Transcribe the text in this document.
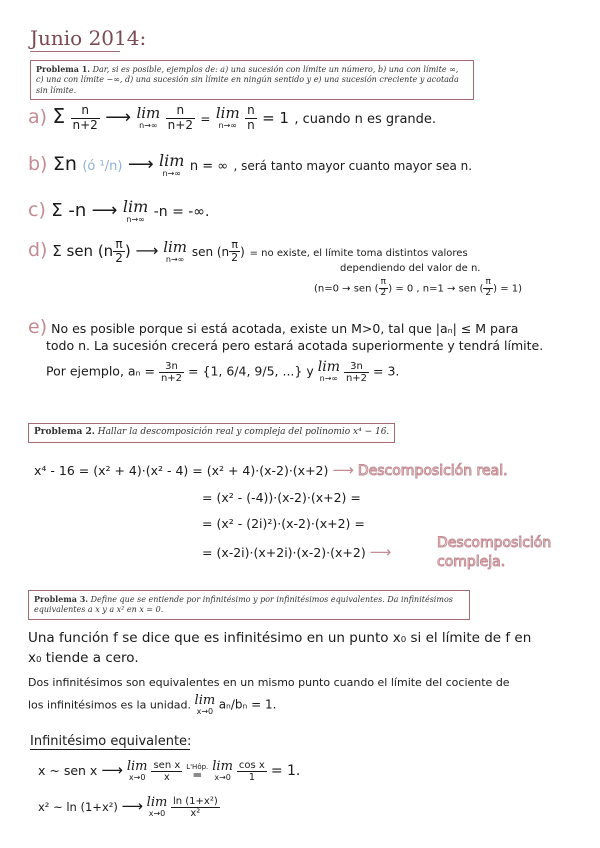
Junio 2014:
Problema 1. Dar, si es posible, ejemplos de: a) una sucesión con límite un número, b) una con límite ∞, c) una con límite −∞, d) una sucesión sin límite en ningún sentido y e) una sucesión creciente y acotada sin límite.
a) Σ $\frac{n}{n+2}$ ⟶ lim
n→∞
$\frac{n}{n+2} = \lim$
n→∞
$\frac{n}{n} = 1$ , cuando n es grande.
b) Σn (ó ¹/n) ⟶ lim
n→∞ n = ∞ , será tanto mayor cuanto mayor sea n.
c) Σ -n ⟶ lim
n→∞ -n = -∞.
d) Σ sen ($n \frac{\pi}{2}$ ) ⟶ lim
n→∞ sen ($n \frac{\pi}{2}$ ) = no existe, el límite toma distintos valores
dependiendo del valor de n.
(n=0 → sen ( $\frac{\pi}{2}$ ) = 0 , n=1 → sen ( $\frac{\pi}{2}$ ) = 1)
e) No es posible porque si está acotada, existe un M>0, tal que |aₙ| ≤ M para
todo n. La sucesión crecerá pero estará acotada superiormente y tendrá límite.
Por ejemplo, $a_n = \frac{3n}{n+2} = \{1$, 6/4, 9/5, ...} y lim
n→∞
$\frac{3n}{n+2} = 3$.
Problema 2. Hallar la descomposición real y compleja del polinomio x⁴ − 16.
x⁴ - 16 = (x² + 4)·(x² - 4) = (x² + 4)·(x-2)·(x+2) ⟶ Descomposición real.
= (x² - (-4))·(x-2)·(x+2) =
= (x² - (2i)²)·(x-2)·(x+2) =
= (x-2i)·(x+2i)·(x-2)·(x+2) ⟶	Descomposición
compleja.
Problema 3. Define que se entiende por infinitésimo y por infinitésimos equivalentes. Da infinitésimos equivalentes a x y a x² en x = 0.
Una función f se dice que es infinitésimo en un punto x₀ si el límite de f en
x₀ tiende a cero.
Dos infinitésimos son equivalentes en un mismo punto cuando el límite del cociente de
los infinitésimos es la unidad. lim
x→0
aₙ/bₙ = 1.
Infinitésimo equivalente:
x ~ sen x ⟶ lim
x→0
$\frac{\text{sen x}}{x}$
L'Hôp.
═

lim
x→0
$\frac{\text{cos x}}{1} = 1$.
x² ~ ln (1+x²) ⟶ lim
x→0
$\frac{\text{ln (1+x²)}}{\text{x²}}$
